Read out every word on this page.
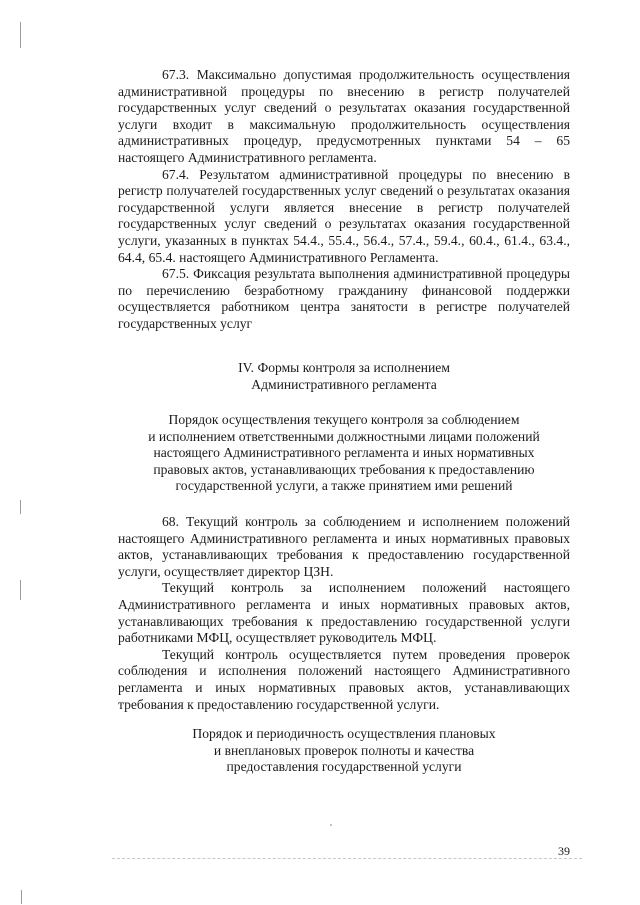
67.3. Максимально допустимая продолжительность осуществления административной процедуры по внесению в регистр получателей государственных услуг сведений о результатах оказания государственной услуги входит в максимальную продолжительность осуществления административных процедур, предусмотренных пунктами 54 – 65 настоящего Административного регламента.

67.4. Результатом административной процедуры по внесению в регистр получателей государственных услуг сведений о результатах оказания государственной услуги является внесение в регистр получателей государственных услуг сведений о результатах оказания государственной услуги, указанных в пунктах 54.4., 55.4., 56.4., 57.4., 59.4., 60.4., 61.4., 63.4., 64.4, 65.4. настоящего Административного Регламента.

67.5. Фиксация результата выполнения административной процедуры по перечислению безработному гражданину финансовой поддержки осуществляется работником центра занятости в регистре получателей государственных услуг

IV. Формы контроля за исполнением
Административного регламента

Порядок осуществления текущего контроля за соблюдением
и исполнением ответственными должностными лицами положений
настоящего Административного регламента и иных нормативных
правовых актов, устанавливающих требования к предоставлению
государственной услуги, а также принятием ими решений

68. Текущий контроль за соблюдением и исполнением положений настоящего Административного регламента и иных нормативных правовых актов, устанавливающих требования к предоставлению государственной услуги, осуществляет директор ЦЗН.

Текущий контроль за исполнением положений настоящего Административного регламента и иных нормативных правовых актов, устанавливающих требования к предоставлению государственной услуги работниками МФЦ, осуществляет руководитель МФЦ.

Текущий контроль осуществляется путем проведения проверок соблюдения и исполнения положений настоящего Административного регламента и иных нормативных правовых актов, устанавливающих требования к предоставлению государственной услуги.

Порядок и периодичность осуществления плановых
и внеплановых проверок полноты и качества
предоставления государственной услуги

39
